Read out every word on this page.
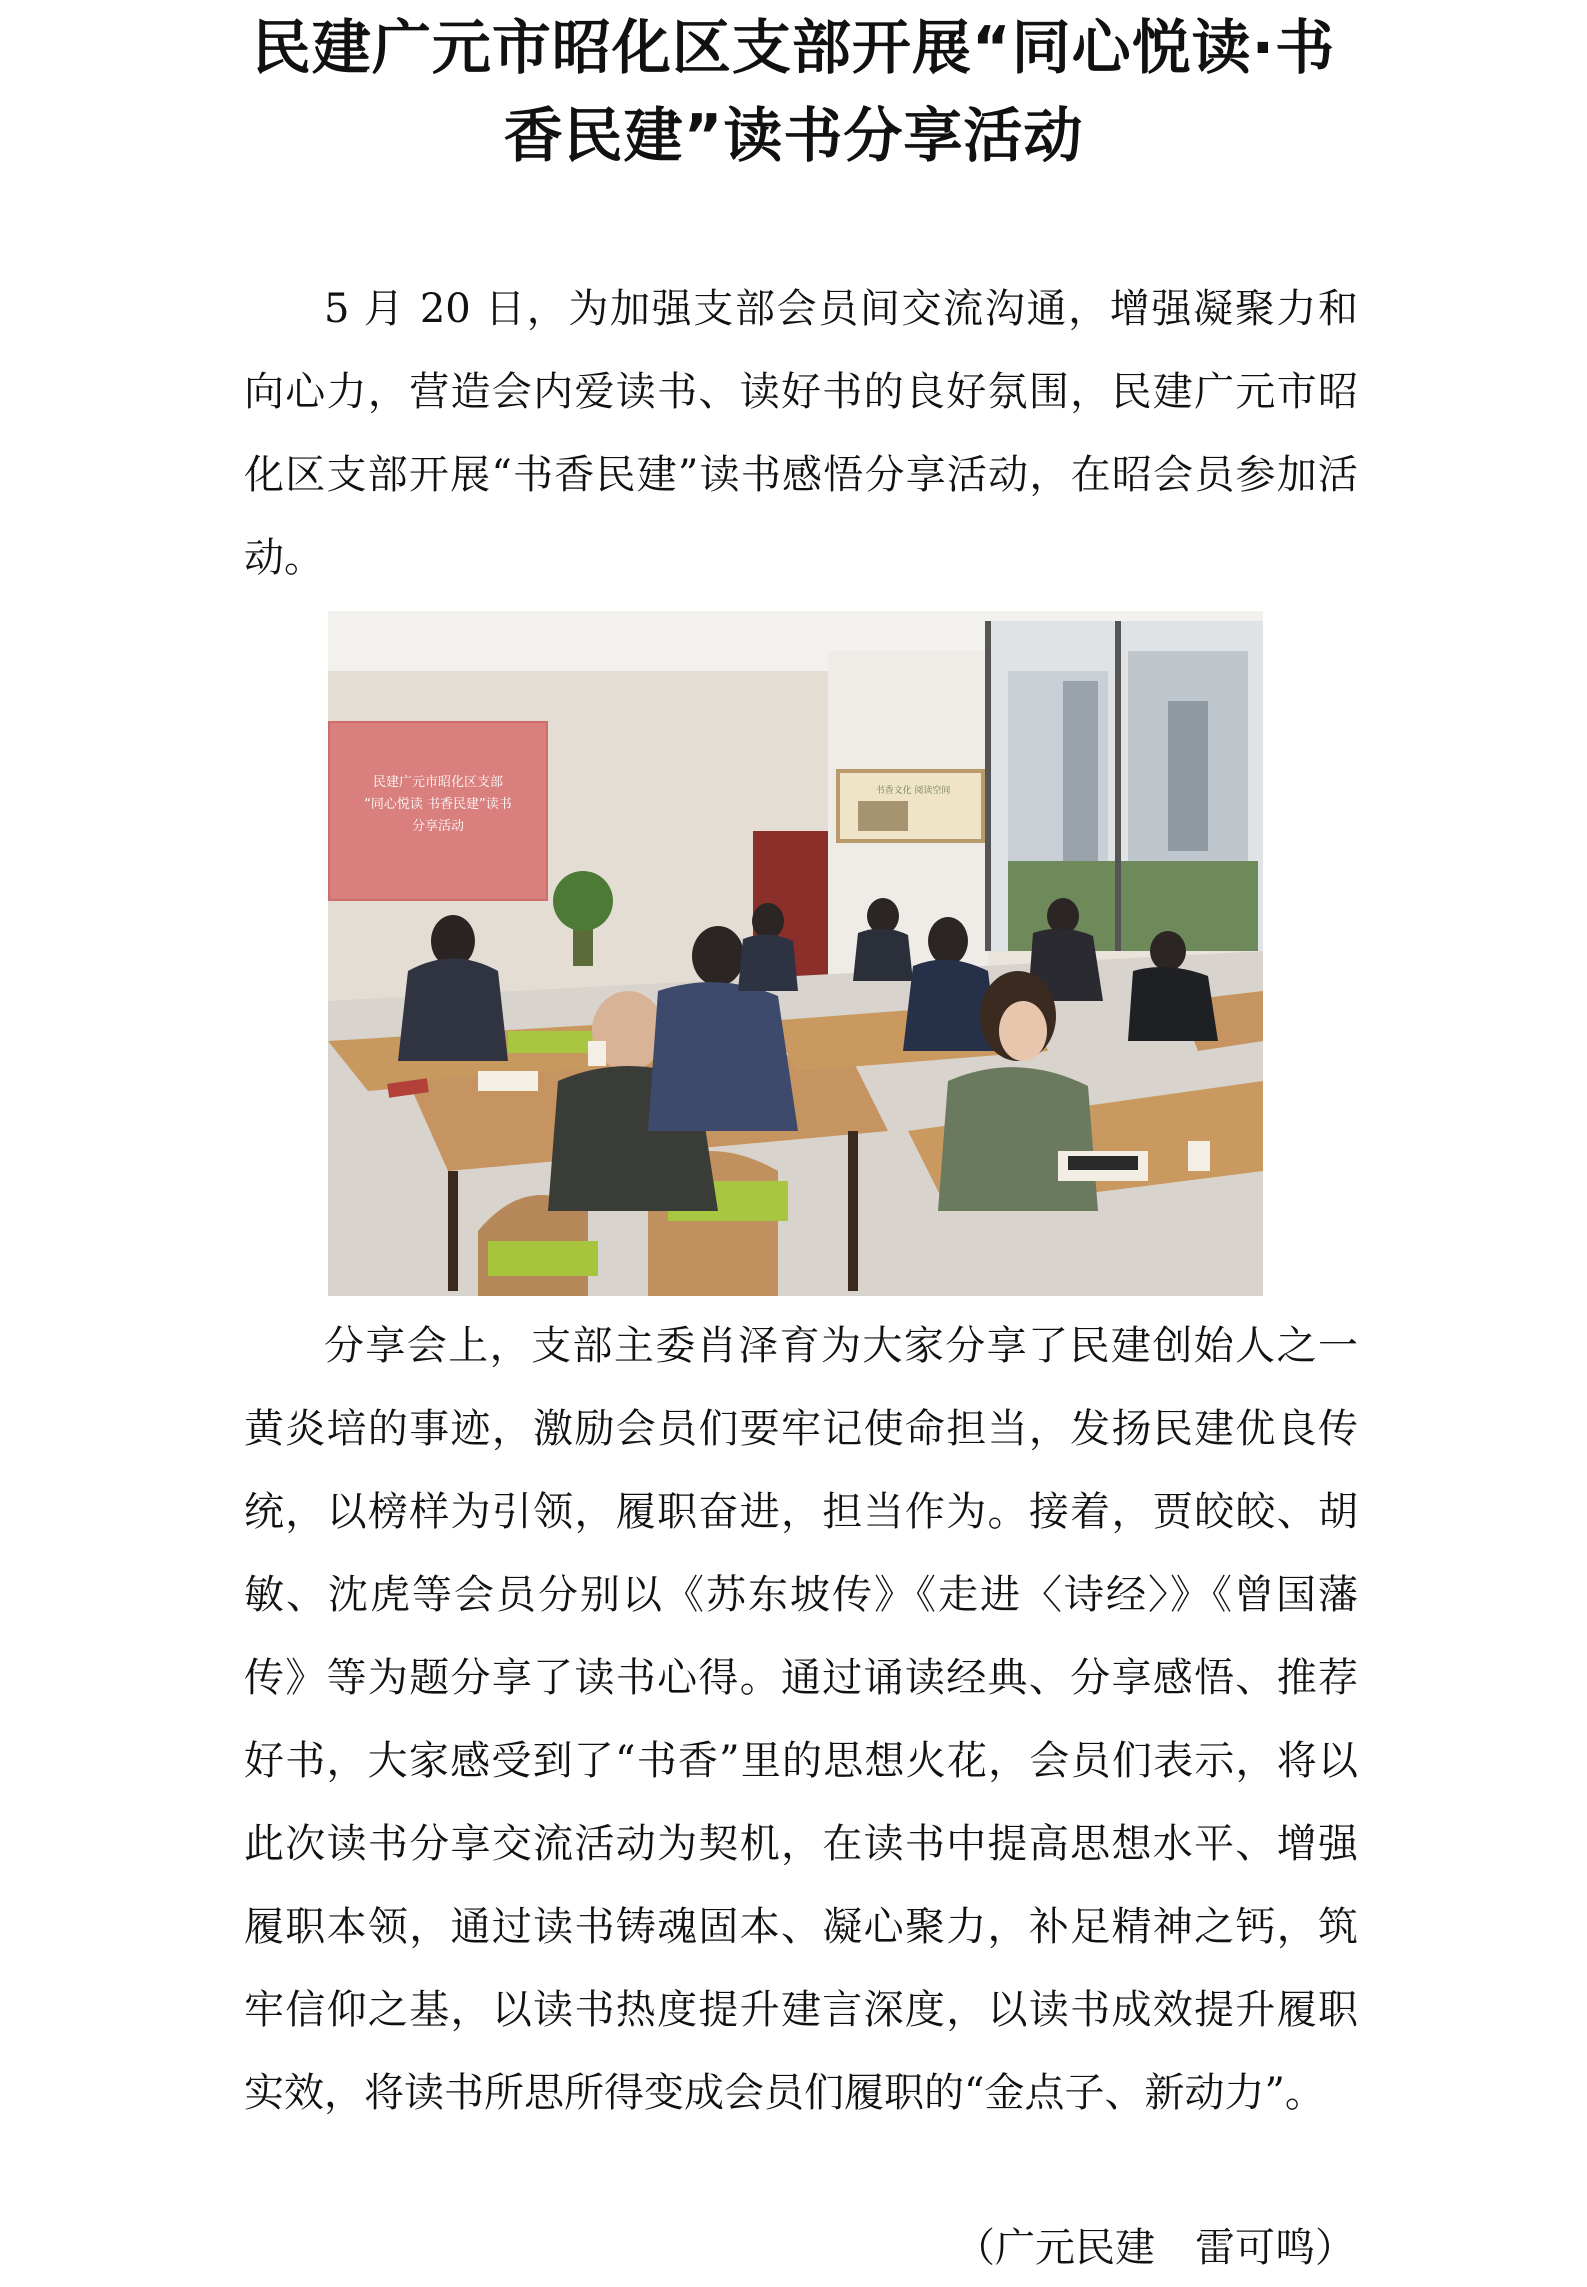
民建广元市昭化区支部开展“同心悦读·书
香民建”读书分享活动

5 月 20 日，为加强支部会员间交流沟通，增强凝聚力和向心力，营造会内爱读书、读好书的良好氛围，民建广元市昭化区支部开展“书香民建”读书感悟分享活动，在昭会员参加活动。

民建广元市昭化区支部
“同心悦读 书香民建”读书
分享活动
书香文化 阅读空间

分享会上，支部主委肖泽育为大家分享了民建创始人之一黄炎培的事迹，激励会员们要牢记使命担当，发扬民建优良传统，以榜样为引领，履职奋进，担当作为。接着，贾皎皎、胡敏、沈虎等会员分别以《苏东坡传》《走进〈诗经〉》《曾国藩传》等为题分享了读书心得。通过诵读经典、分享感悟、推荐好书，大家感受到了“书香”里的思想火花，会员们表示，将以此次读书分享交流活动为契机，在读书中提高思想水平、增强履职本领，通过读书铸魂固本、凝心聚力，补足精神之钙，筑牢信仰之基，以读书热度提升建言深度，以读书成效提升履职实效，将读书所思所得变成会员们履职的“金点子、新动力”。

（广元民建　雷可鸣）
